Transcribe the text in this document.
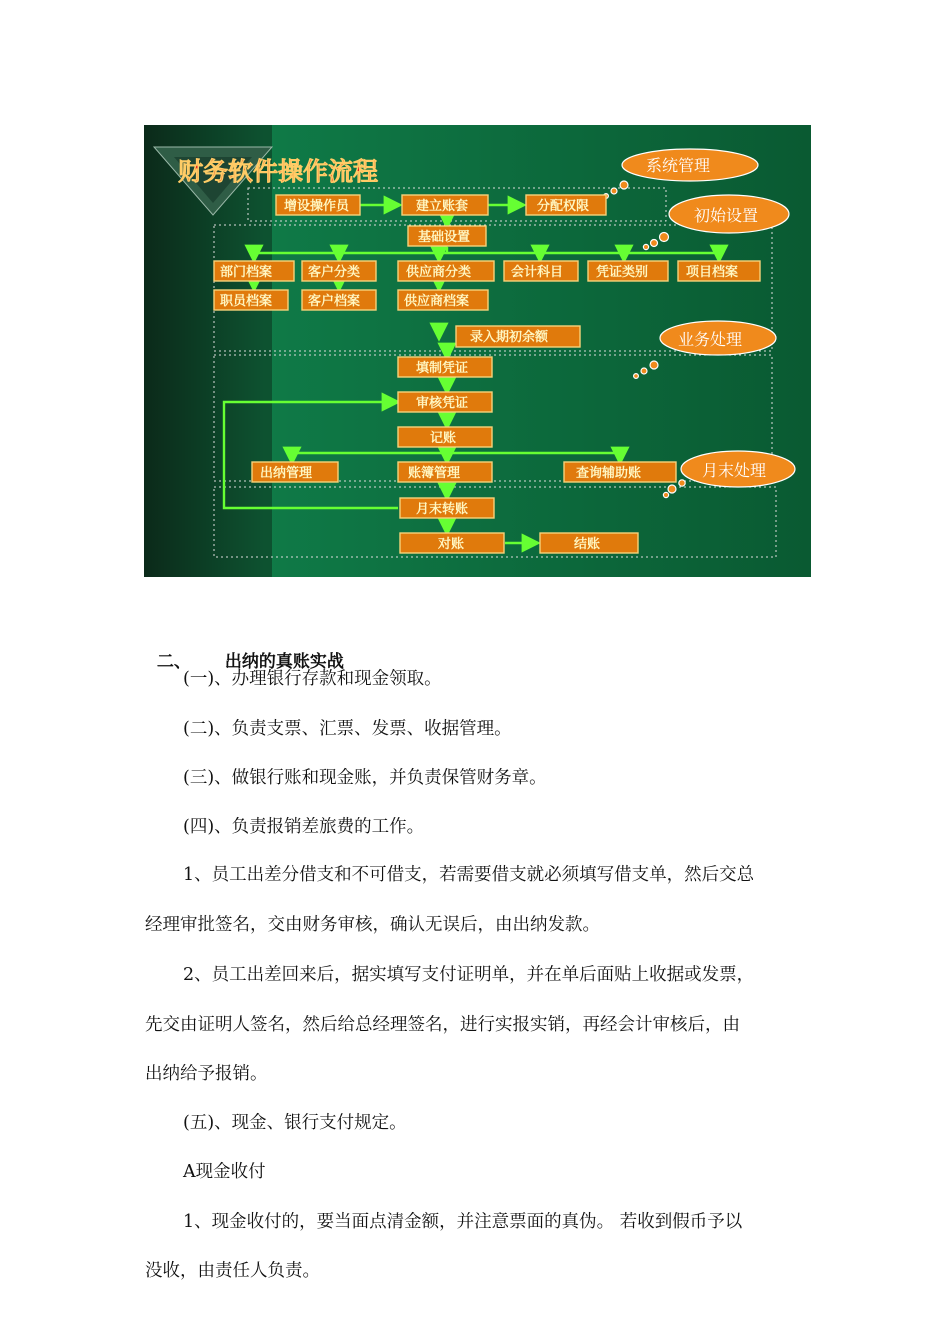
财务软件操作流程	系统管理
初始设置
业务处理
月末处理
增设操作员	建立账套	分配权限
基础设置
部门档案	客户分类	供应商分类	会计科目	凭证类别	项目档案
职员档案	客户档案	供应商档案
录入期初余额
填制凭证
审核凭证
记账
出纳管理	账簿管理	查询辅助账
月末转账
对账	结账

二、 出纳的真账实战

(一)、办理银行存款和现金领取。
(二)、负责支票、汇票、发票、收据管理。
(三)、做银行账和现金账，并负责保管财务章。
(四)、负责报销差旅费的工作。
1、员工出差分借支和不可借支，若需要借支就必须填写借支单，然后交总
经理审批签名，交由财务审核，确认无误后，由出纳发款。
2、员工出差回来后，据实填写支付证明单，并在单后面贴上收据或发票，
先交由证明人签名，然后给总经理签名，进行实报实销，再经会计审核后，由
出纳给予报销。
(五)、现金、银行支付规定。
A现金收付
1、现金收付的，要当面点清金额，并注意票面的真伪。 若收到假币予以
没收，由责任人负责。
